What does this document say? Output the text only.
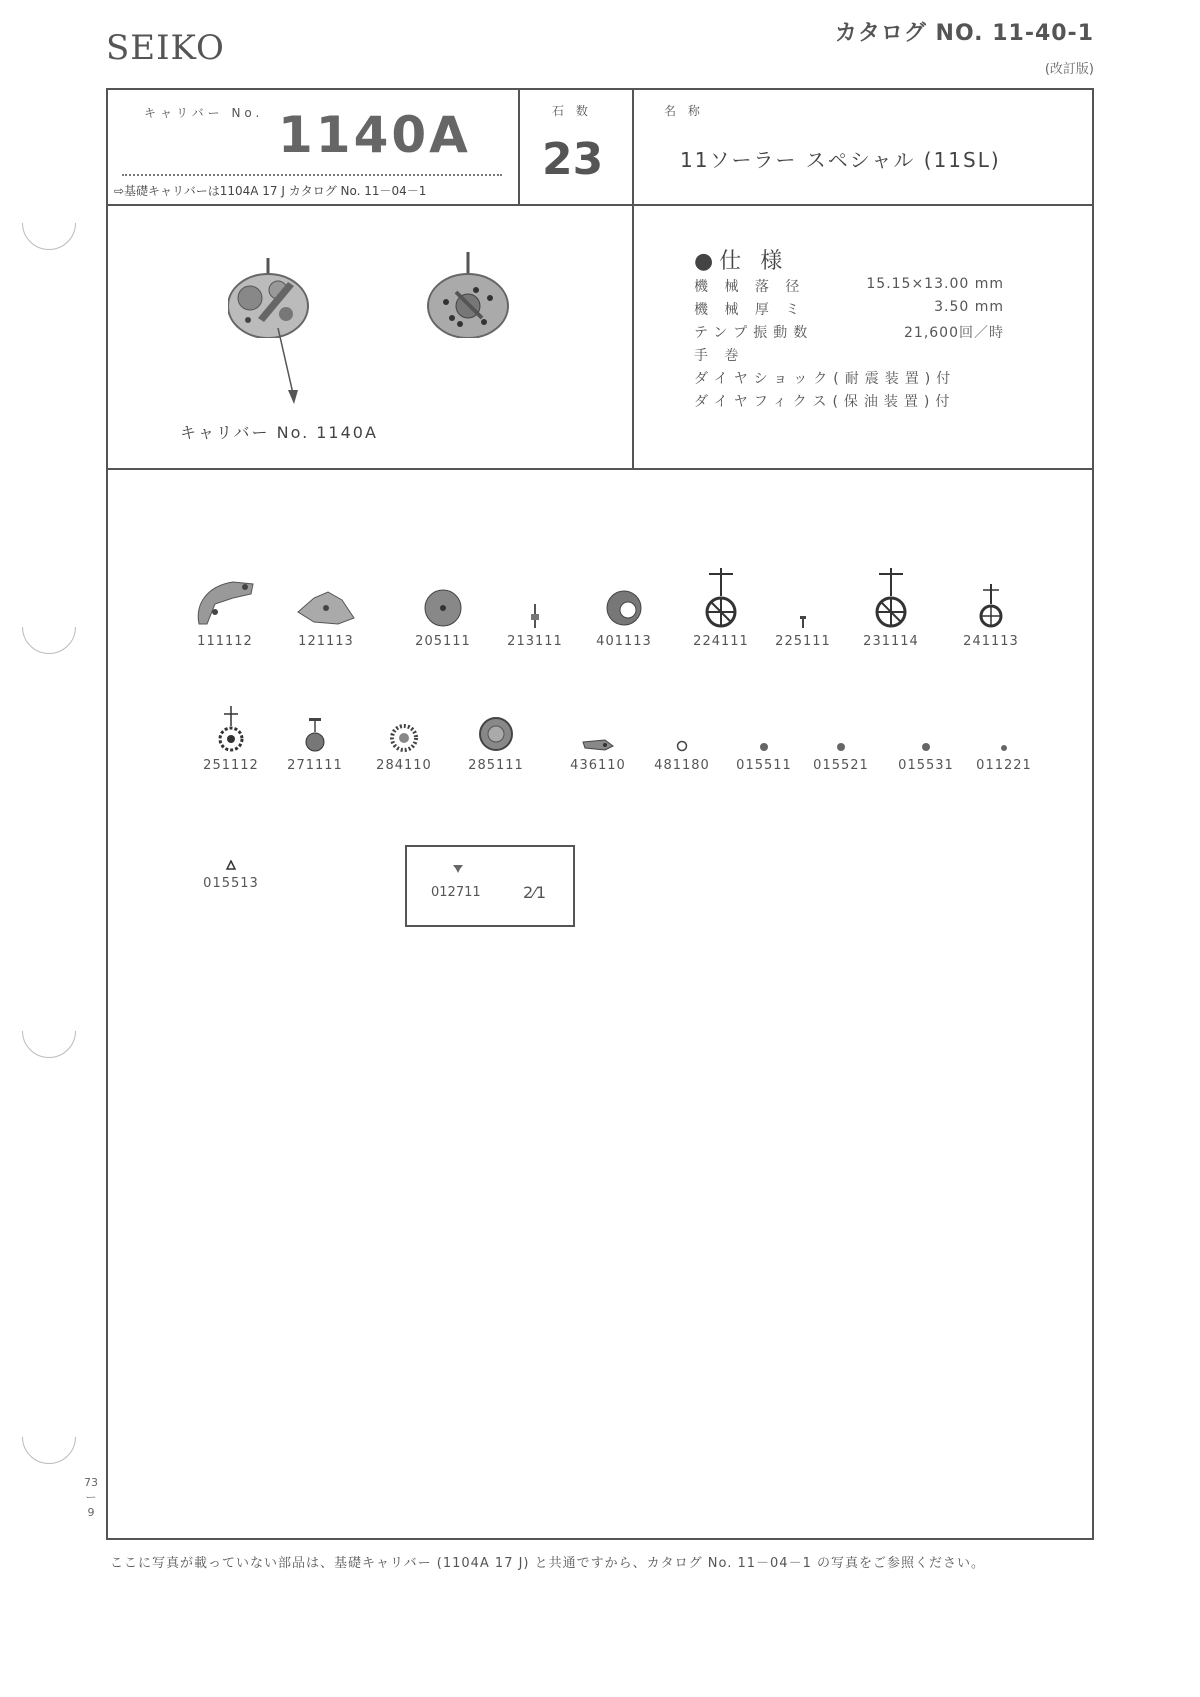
SEIKO	カタログ NO. 11-40-1
(改訂版)
キャリバー No. 1140A
⇨基礎キャリバーは1104A 17 J カタログ No. 11－04－1
石 数
23
名 称
11ソーラー スペシャル (11SL)
キャリバー No. 1140A
●仕 様
機 械 落 径	15.15×13.00 mm
機 械 厚 ミ	3.50 mm
テンプ振動数	21,600回／時
手 巻
ダイヤショック(耐震装置)付
ダイヤフィクス(保油装置)付
111112	121113	205111	213111	401113	224111	225111	231114	241113
251112	271111	284110	285111	436110	481180	015511	015521	015531	011221
015513
012711	2⁄1
73 ー 9
ここに写真が載っていない部品は、基礎キャリバー (1104A 17 J) と共通ですから、カタログ No. 11－04－1 の写真をご参照ください。
